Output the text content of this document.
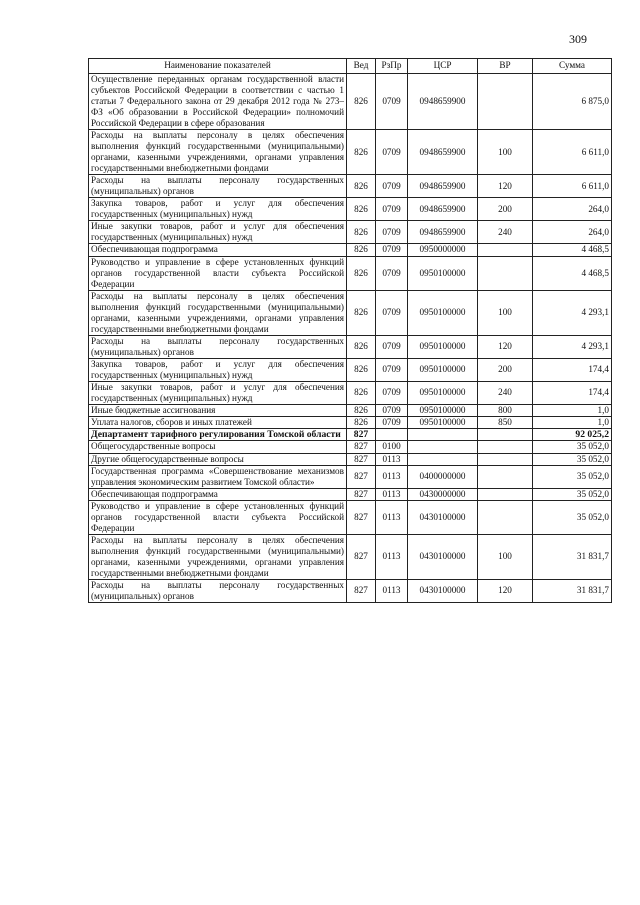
309
Наименование показателей	Вед	РзПр	ЦСР	ВР	Сумма
Осуществление переданных органам государственной власти субъектов Российской Федерации в соответствии с частью 1 статьи 7 Федерального закона от 29 декабря 2012 года № 273–ФЗ «Об образовании в Российской Федерации» полномочий Российской Федерации в сфере образования	826	0709	0948659900		6 875,0
Расходы на выплаты персоналу в целях обеспечения выполнения функций государственными (муниципальными) органами, казенными учреждениями, органами управления государственными внебюджетными фондами	826	0709	0948659900	100	6 611,0
Расходы на выплаты персоналу государственных (муниципальных) органов	826	0709	0948659900	120	6 611,0
Закупка товаров, работ и услуг для обеспечения государственных (муниципальных) нужд	826	0709	0948659900	200	264,0
Иные закупки товаров, работ и услуг для обеспечения государственных (муниципальных) нужд	826	0709	0948659900	240	264,0
Обеспечивающая подпрограмма	826	0709	0950000000		4 468,5
Руководство и управление в сфере установленных функций органов государственной власти субъекта Российской Федерации	826	0709	0950100000		4 468,5
Расходы на выплаты персоналу в целях обеспечения выполнения функций государственными (муниципальными) органами, казенными учреждениями, органами управления государственными внебюджетными фондами	826	0709	0950100000	100	4 293,1
Расходы на выплаты персоналу государственных (муниципальных) органов	826	0709	0950100000	120	4 293,1
Закупка товаров, работ и услуг для обеспечения государственных (муниципальных) нужд	826	0709	0950100000	200	174,4
Иные закупки товаров, работ и услуг для обеспечения государственных (муниципальных) нужд	826	0709	0950100000	240	174,4
Иные бюджетные ассигнования	826	0709	0950100000	800	1,0
Уплата налогов, сборов и иных платежей	826	0709	0950100000	850	1,0
Департамент тарифного регулирования Томской области	827				92 025,2
Общегосударственные вопросы	827	0100			35 052,0
Другие общегосударственные вопросы	827	0113			35 052,0
Государственная программа «Совершенствование механизмов управления экономическим развитием Томской области»	827	0113	0400000000		35 052,0
Обеспечивающая подпрограмма	827	0113	0430000000		35 052,0
Руководство и управление в сфере установленных функций органов государственной власти субъекта Российской Федерации	827	0113	0430100000		35 052,0
Расходы на выплаты персоналу в целях обеспечения выполнения функций государственными (муниципальными) органами, казенными учреждениями, органами управления государственными внебюджетными фондами	827	0113	0430100000	100	31 831,7
Расходы на выплаты персоналу государственных (муниципальных) органов	827	0113	0430100000	120	31 831,7
